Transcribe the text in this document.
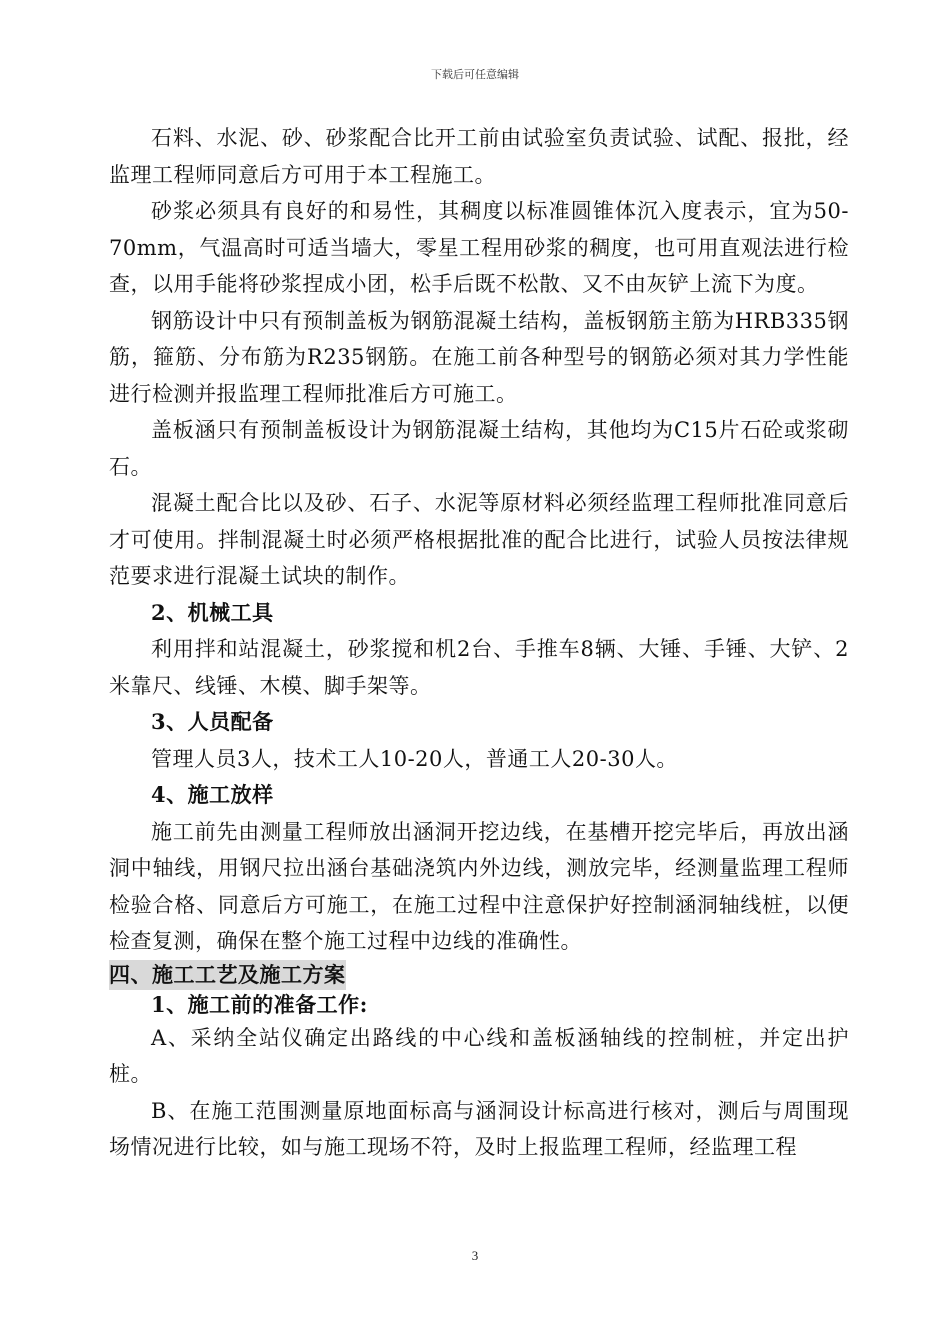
下载后可任意编辑

石料、水泥、砂、砂浆配合比开工前由试验室负责试验、试配、报批，经监理工程师同意后方可用于本工程施工。

砂浆必须具有良好的和易性，其稠度以标准圆锥体沉入度表示，宜为50-70mm，气温高时可适当墙大，零星工程用砂浆的稠度，也可用直观法进行检查，以用手能将砂浆捏成小团，松手后既不松散、又不由灰铲上流下为度。

钢筋设计中只有预制盖板为钢筋混凝土结构，盖板钢筋主筋为HRB335钢筋，箍筋、分布筋为R235钢筋。在施工前各种型号的钢筋必须对其力学性能进行检测并报监理工程师批准后方可施工。

盖板涵只有预制盖板设计为钢筋混凝土结构，其他均为C15片石砼或浆砌石。

混凝土配合比以及砂、石子、水泥等原材料必须经监理工程师批准同意后才可使用。拌制混凝土时必须严格根据批准的配合比进行，试验人员按法律规范要求进行混凝土试块的制作。

2、机械工具

利用拌和站混凝土，砂浆搅和机2台、手推车8辆、大锤、手锤、大铲、2米靠尺、线锤、木模、脚手架等。

3、人员配备

管理人员3人，技术工人10-20人，普通工人20-30人。

4、施工放样

施工前先由测量工程师放出涵洞开挖边线，在基槽开挖完毕后，再放出涵洞中轴线，用钢尺拉出涵台基础浇筑内外边线，测放完毕，经测量监理工程师检验合格、同意后方可施工，在施工过程中注意保护好控制涵洞轴线桩，以便检查复测，确保在整个施工过程中边线的准确性。

四、施工工艺及施工方案

1、施工前的准备工作:

A、采纳全站仪确定出路线的中心线和盖板涵轴线的控制桩，并定出护桩。

B、在施工范围测量原地面标高与涵洞设计标高进行核对，测后与周围现场情况进行比较，如与施工现场不符，及时上报监理工程师，经监理工程

3
